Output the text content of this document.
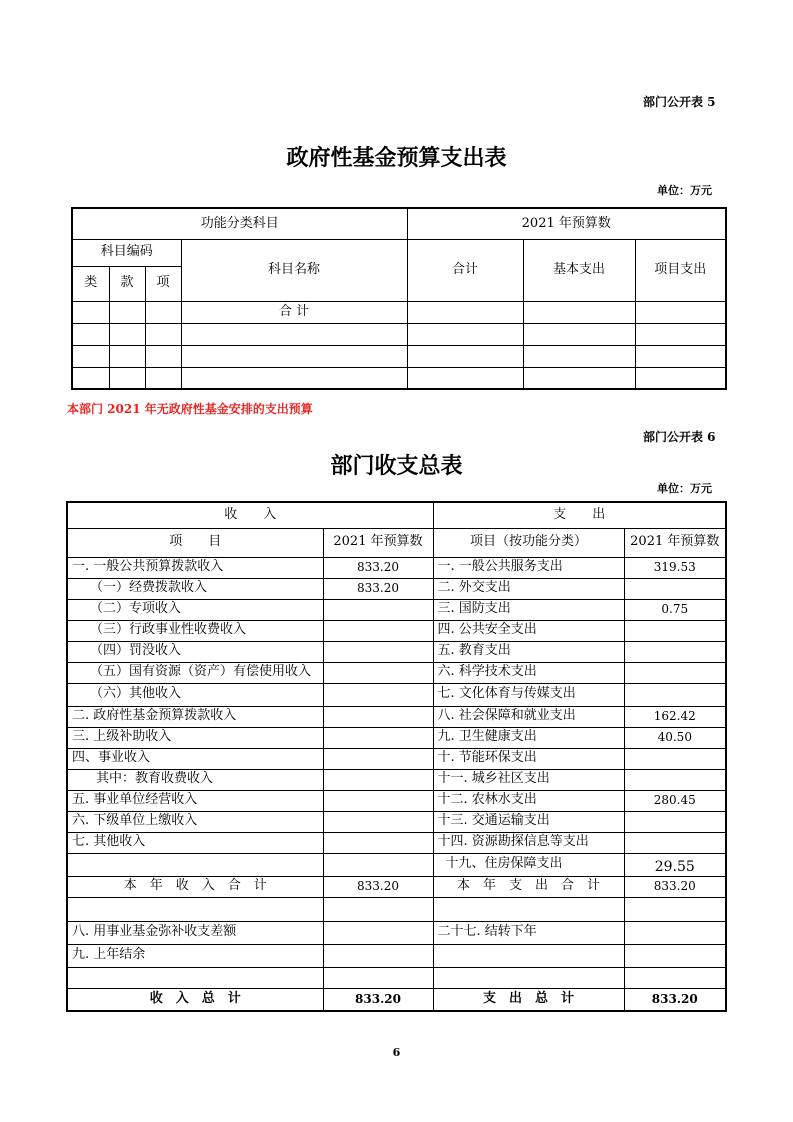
部门公开表 5
政府性基金预算支出表
单位：万元
功能分类科目				2021 年预算数		
科目编码			科目名称	合计	基本支出	项目支出
类	款	项				
			合 计			

本部门 2021 年无政府性基金安排的支出预算
部门公开表 6
部门收支总表
单位：万元
收　　入		支　　出	
项　　目	2021 年预算数	项目（按功能分类）	2021 年预算数
一. 一般公共预算拨款收入	833.20	一. 一般公共服务支出	319.53
（一）经费拨款收入	833.20	二. 外交支出	
（二）专项收入		三. 国防支出	0.75
（三）行政事业性收费收入		四. 公共安全支出	
（四）罚没收入		五. 教育支出	
（五）国有资源（资产）有偿使用收入		六. 科学技术支出	
（六）其他收入		七. 文化体育与传媒支出	
二. 政府性基金预算拨款收入		八. 社会保障和就业支出	162.42
三. 上级补助收入		九. 卫生健康支出	40.50
四、事业收入		十. 节能环保支出	
其中：教育收费收入		十一. 城乡社区支出	
五. 事业单位经营收入		十二. 农林水支出	280.45
六. 下级单位上缴收入		十三. 交通运输支出	
七. 其他收入		十四. 资源勘探信息等支出	
		十九、住房保障支出	29.55
本　年　收　入　合　计	833.20	本　年　支　出　合　计	833.20

八. 用事业基金弥补收支差额		二十七. 结转下年	
九. 上年结余			

收　入　总　计	833.20	支　出　总　计	833.20
6
